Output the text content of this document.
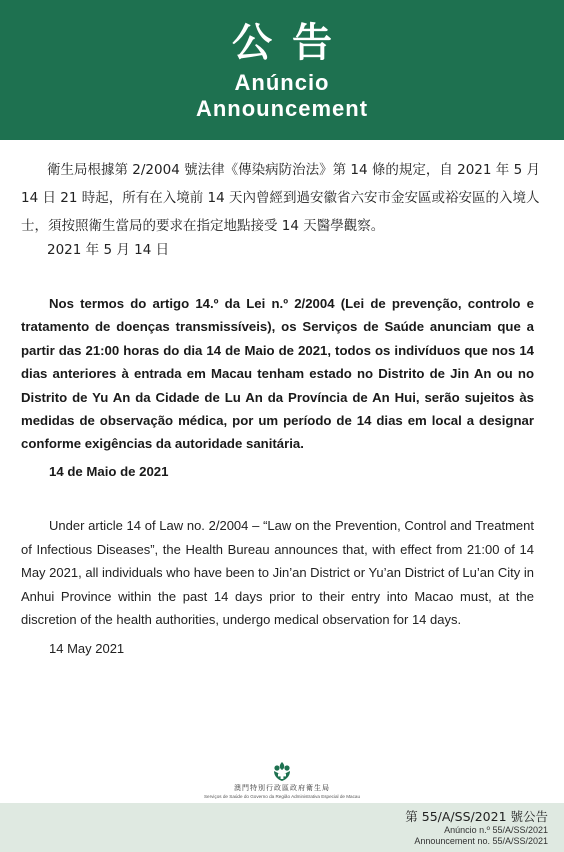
公告
Anúncio
Announcement

衛生局根據第 2/2004 號法律《傳染病防治法》第 14 條的規定，自 2021 年 5 月 14 日 21 時起，所有在入境前 14 天內曾經到過安徽省六安市金安區或裕安區的入境人士，須按照衛生當局的要求在指定地點接受 14 天醫學觀察。

2021 年 5 月 14 日

Nos termos do artigo 14.º da Lei n.º 2/2004 (Lei de prevenção, controlo e tratamento de doenças transmissíveis), os Serviços de Saúde anunciam que a partir das 21:00 horas do dia 14 de Maio de 2021, todos os indivíduos que nos 14 dias anteriores à entrada em Macau tenham estado no Distrito de Jin An ou no Distrito de Yu An da Cidade de Lu An da Província de An Hui, serão sujeitos às medidas de observação médica, por um período de 14 dias em local a designar conforme exigências da autoridade sanitária.

14 de Maio de 2021

Under article 14 of Law no. 2/2004 – “Law on the Prevention, Control and Treatment of Infectious Diseases”, the Health Bureau announces that, with effect from 21:00 of 14 May 2021, all individuals who have been to Jin’an District or Yu’an District of Lu’an City in Anhui Province within the past 14 days prior to their entry into Macao must, at the discretion of the health authorities, undergo medical observation for 14 days.

14 May 2021

澳門特別行政區政府衛生局
Serviços de Saúde do Governo da Região Administrativa Especial de Macau
第 55/A/SS/2021 號公告
Anúncio n.º 55/A/SS/2021
Announcement no. 55/A/SS/2021
